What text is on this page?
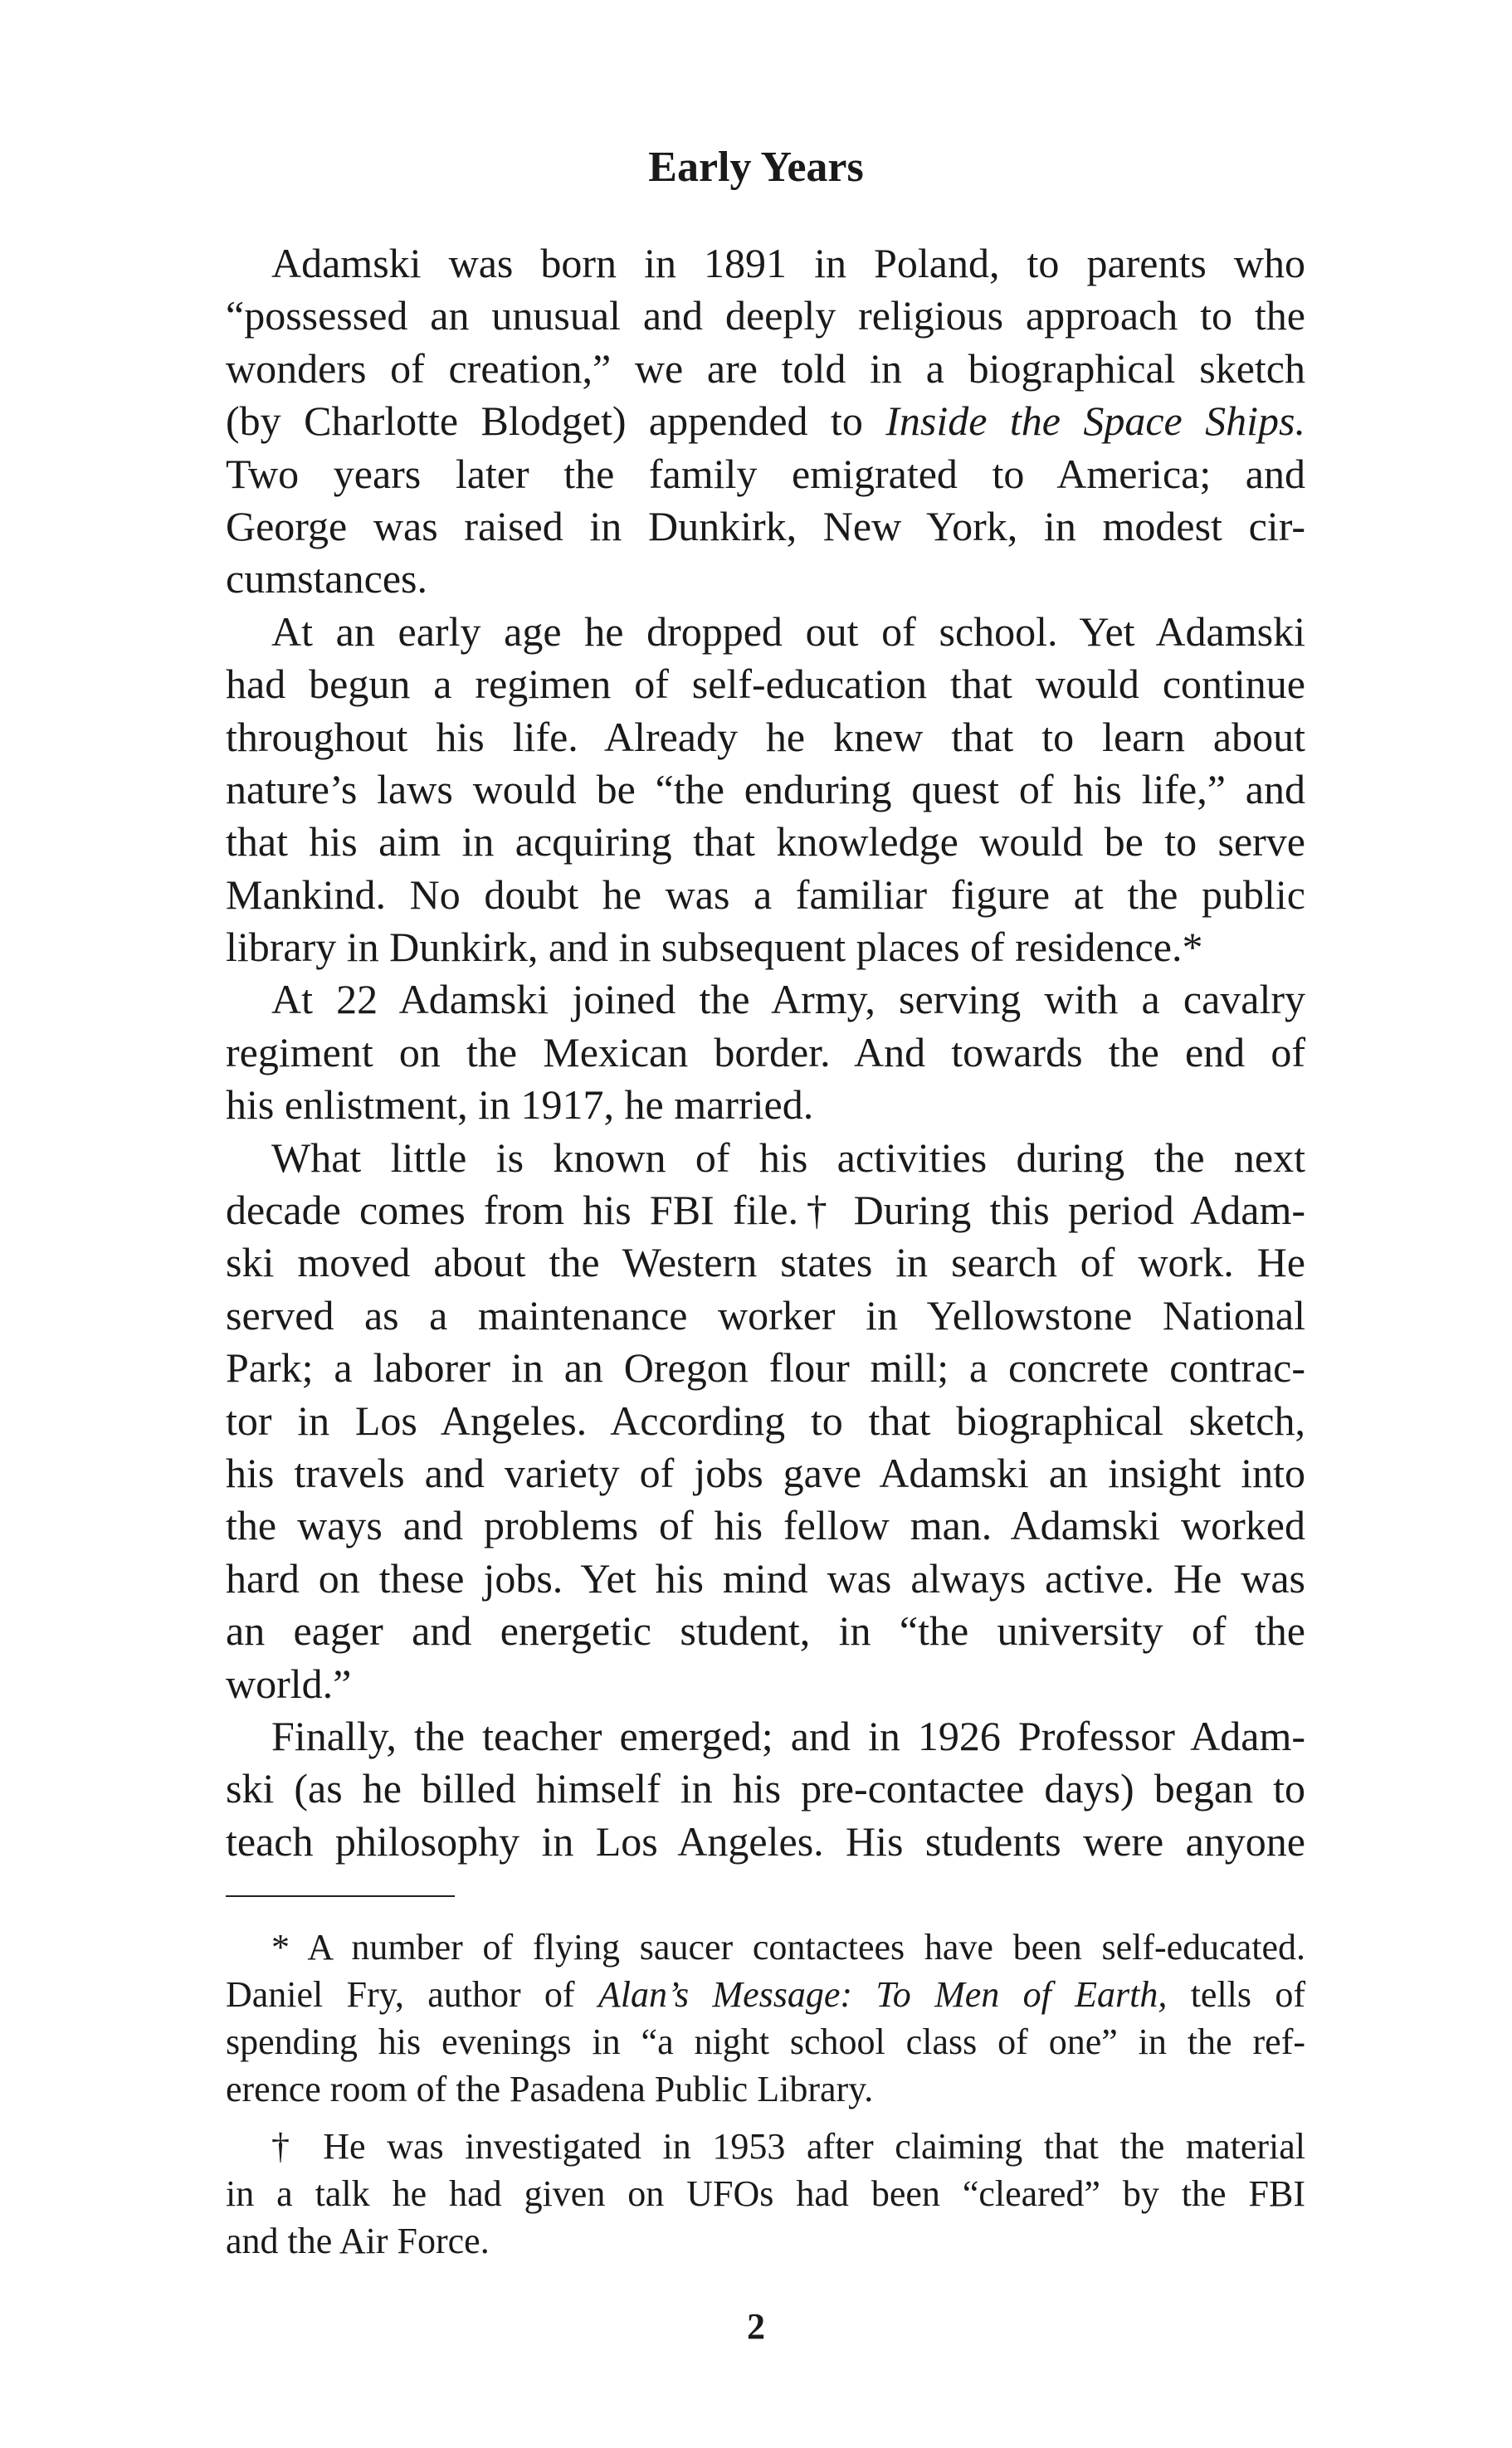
Early Years
Adamski was born in 1891 in Poland, to parents who
“possessed an unusual and deeply religious approach to the
wonders of creation,” we are told in a biographical sketch
(by Charlotte Blodget) appended to Inside the Space Ships.
Two years later the family emigrated to America; and
George was raised in Dunkirk, New York, in modest cir-
cumstances.
At an early age he dropped out of school. Yet Adamski
had begun a regimen of self-education that would continue
throughout his life. Already he knew that to learn about
nature’s laws would be “the enduring quest of his life,” and
that his aim in acquiring that knowledge would be to serve
Mankind. No doubt he was a familiar figure at the public
library in Dunkirk, and in subsequent places of residence.*
At 22 Adamski joined the Army, serving with a cavalry
regiment on the Mexican border. And towards the end of
his enlistment, in 1917, he married.
What little is known of his activities during the next
decade comes from his FBI file.† During this period Adam-
ski moved about the Western states in search of work. He
served as a maintenance worker in Yellowstone National
Park; a laborer in an Oregon flour mill; a concrete contrac-
tor in Los Angeles. According to that biographical sketch,
his travels and variety of jobs gave Adamski an insight into
the ways and problems of his fellow man. Adamski worked
hard on these jobs. Yet his mind was always active. He was
an eager and energetic student, in “the university of the
world.”
Finally, the teacher emerged; and in 1926 Professor Adam-
ski (as he billed himself in his pre-contactee days) began to
teach philosophy in Los Angeles. His students were anyone
* A number of flying saucer contactees have been self-educated.
Daniel Fry, author of Alan’s Message: To Men of Earth, tells of
spending his evenings in “a night school class of one” in the ref-
erence room of the Pasadena Public Library.
† He was investigated in 1953 after claiming that the material
in a talk he had given on UFOs had been “cleared” by the FBI
and the Air Force.
2
